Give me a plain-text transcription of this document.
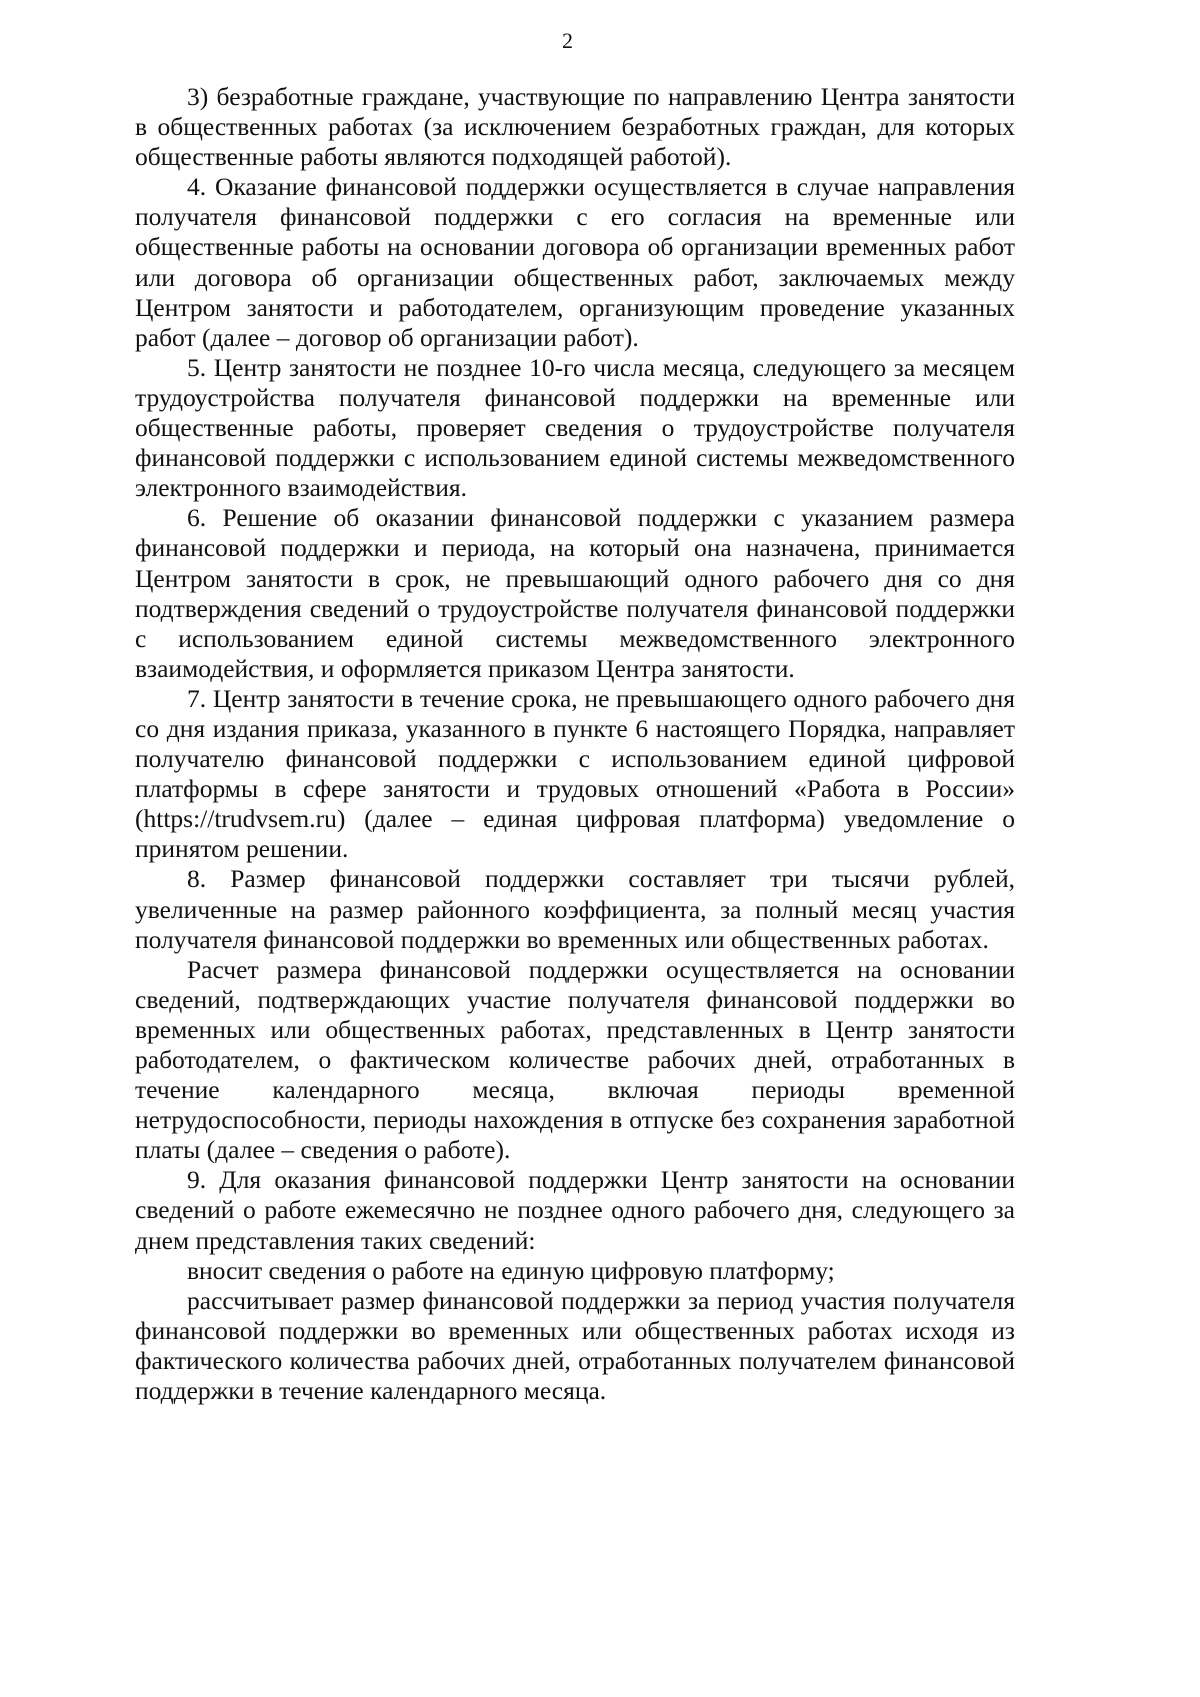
2

3) безработные граждане, участвующие по направлению Центра занятости в общественных работах (за исключением безработных граждан, для которых общественные работы являются подходящей работой).

4. Оказание финансовой поддержки осуществляется в случае направления получателя финансовой поддержки с его согласия на временные или общественные работы на основании договора об организации временных работ или договора об организации общественных работ, заключаемых между Центром занятости и работодателем, организующим проведение указанных работ (далее – договор об организации работ).

5. Центр занятости не позднее 10-го числа месяца, следующего за месяцем трудоустройства получателя финансовой поддержки на временные или общественные работы, проверяет сведения о трудоустройстве получателя финансовой поддержки с использованием единой системы межведомственного электронного взаимодействия.

6. Решение об оказании финансовой поддержки с указанием размера финансовой поддержки и периода, на который она назначена, принимается Центром занятости в срок, не превышающий одного рабочего дня со дня подтверждения сведений о трудоустройстве получателя финансовой поддержки с использованием единой системы межведомственного электронного взаимодействия, и оформляется приказом Центра занятости.

7. Центр занятости в течение срока, не превышающего одного рабочего дня со дня издания приказа, указанного в пункте 6 настоящего Порядка, направляет получателю финансовой поддержки с использованием единой цифровой платформы в сфере занятости и трудовых отношений «Работа в России» (https://trudvsem.ru) (далее – единая цифровая платформа) уведомление о принятом решении.

8. Размер финансовой поддержки составляет три тысячи рублей, увеличенные на размер районного коэффициента, за полный месяц участия получателя финансовой поддержки во временных или общественных работах.

Расчет размера финансовой поддержки осуществляется на основании сведений, подтверждающих участие получателя финансовой поддержки во временных или общественных работах, представленных в Центр занятости работодателем, о фактическом количестве рабочих дней, отработанных в течение календарного месяца, включая периоды временной нетрудоспособности, периоды нахождения в отпуске без сохранения заработной платы (далее – сведения о работе).

9. Для оказания финансовой поддержки Центр занятости на основании сведений о работе ежемесячно не позднее одного рабочего дня, следующего за днем представления таких сведений:

вносит сведения о работе на единую цифровую платформу;

рассчитывает размер финансовой поддержки за период участия получателя финансовой поддержки во временных или общественных работах исходя из фактического количества рабочих дней, отработанных получателем финансовой поддержки в течение календарного месяца.
